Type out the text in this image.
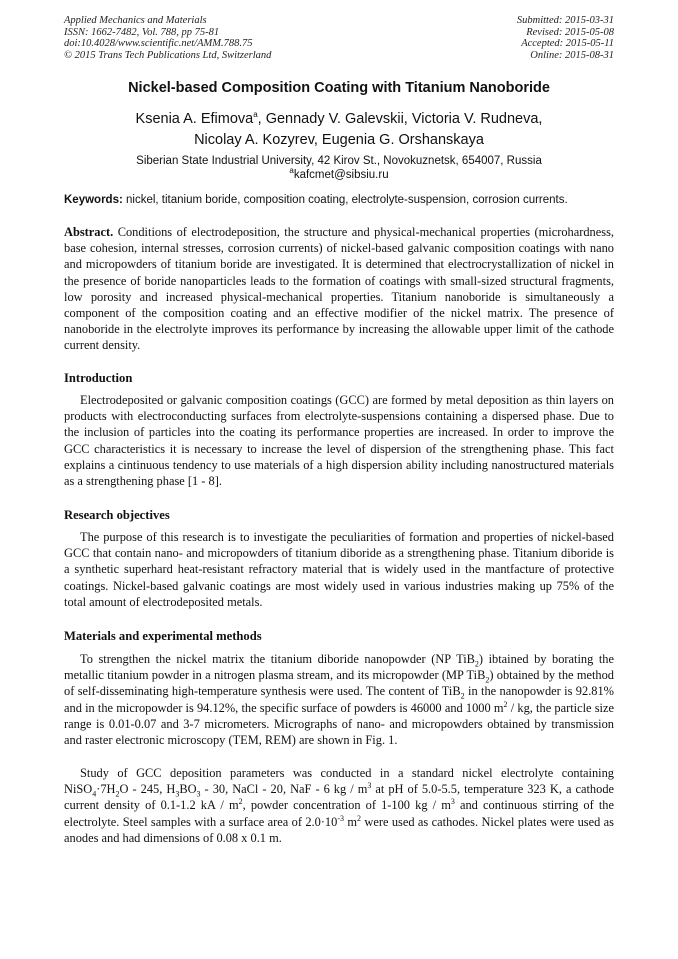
Applied Mechanics and Materials
ISSN: 1662-7482, Vol. 788, pp 75-81
doi:10.4028/www.scientific.net/AMM.788.75
© 2015 Trans Tech Publications Ltd, Switzerland
Submitted: 2015-03-31
Revised: 2015-05-08
Accepted: 2015-05-11
Online: 2015-08-31
Nickel-based Composition Coating with Titanium Nanoboride
Ksenia A. Efimova$^a$, Gennady V. Galevskii, Victoria V. Rudneva,
Nicolay A. Kozyrev, Eugenia G. Orshanskaya
Siberian State Industrial University, 42 Kirov St., Novokuznetsk, 654007, Russia
$^a$kafcmet@sibsiu.ru
Keywords: nickel, titanium boride, composition coating, electrolyte-suspension, corrosion currents.
Abstract. Conditions of electrodeposition, the structure and physical-mechanical properties (microhardness, base cohesion, internal stresses, corrosion currents) of nickel-based galvanic composition coatings with nano and micropowders of titanium boride are investigated. It is determined that electrocrystallization of nickel in the presence of boride nanoparticles leads to the formation of coatings with small-sized structural fragments, low porosity and increased physical-mechanical properties. Titanium nanoboride is simultaneously a component of the composition coating and an effective modifier of the nickel matrix. The presence of nanoboride in the electrolyte improves its performance by increasing the allowable upper limit of the cathode current density.
Introduction
Electrodeposited or galvanic composition coatings (GCC) are formed by metal deposition as thin layers on products with electroconducting surfaces from electrolyte-suspensions containing a dispersed phase. Due to the inclusion of particles into the coating its performance properties are increased. In order to improve the GCC characteristics it is necessary to increase the level of dispersion of the strengthening phase. This fact explains a cintinuous tendency to use materials of a high dispersion ability including nanostructured materials as a strengthening phase [1 - 8].
Research objectives
The purpose of this research is to investigate the peculiarities of formation and properties of nickel-based GCC that contain nano- and micropowders of titanium diboride as a strengthening phase. Titanium diboride is a synthetic superhard heat-resistant refractory material that is widely used in the mantfacture of protective coatings. Nickel-based galvanic coatings are most widely used in various industries making up 75% of the total amount of electrodeposited metals.
Materials and experimental methods
To strengthen the nickel matrix the titanium diboride nanopowder (NP TiB$_2$) ibtained by borating the metallic titanium powder in a nitrogen plasma stream, and its micropowder (MP TiB$_2$) obtained by the method of self-disseminating high-temperature synthesis were used. The content of TiB$_2$ in the nanopowder is 92.81% and in the micropowder is 94.12%, the specific surface of powders is 46000 and 1000 $m^2$ / kg, the particle size range is 0.01-0.07 and 3-7 micrometers. Micrographs of nano- and micropowders obtained by transmission and raster electronic microscopy (TEM, REM) are shown in Fig. 1.
Study of GCC deposition parameters was conducted in a standard nickel electrolyte containing $NiSO_4\cdot 7H_2O - 245$, $H_3BO_3 - 30$, NaCl - 20, NaF - 6 kg / $m^3$ at pH of 5.0-5.5, temperature 323 K, a cathode current density of 0.1-1.2 kA / $m^2$, powder concentration of 1-100 kg / $m^3$ and continuous stirring of the electrolyte. Steel samples with a surface area of $2.0\cdot 10^{-3}$ $m^2$ were used as cathodes. Nickel plates were used as anodes and had dimensions of 0.08 x 0.1 m.
